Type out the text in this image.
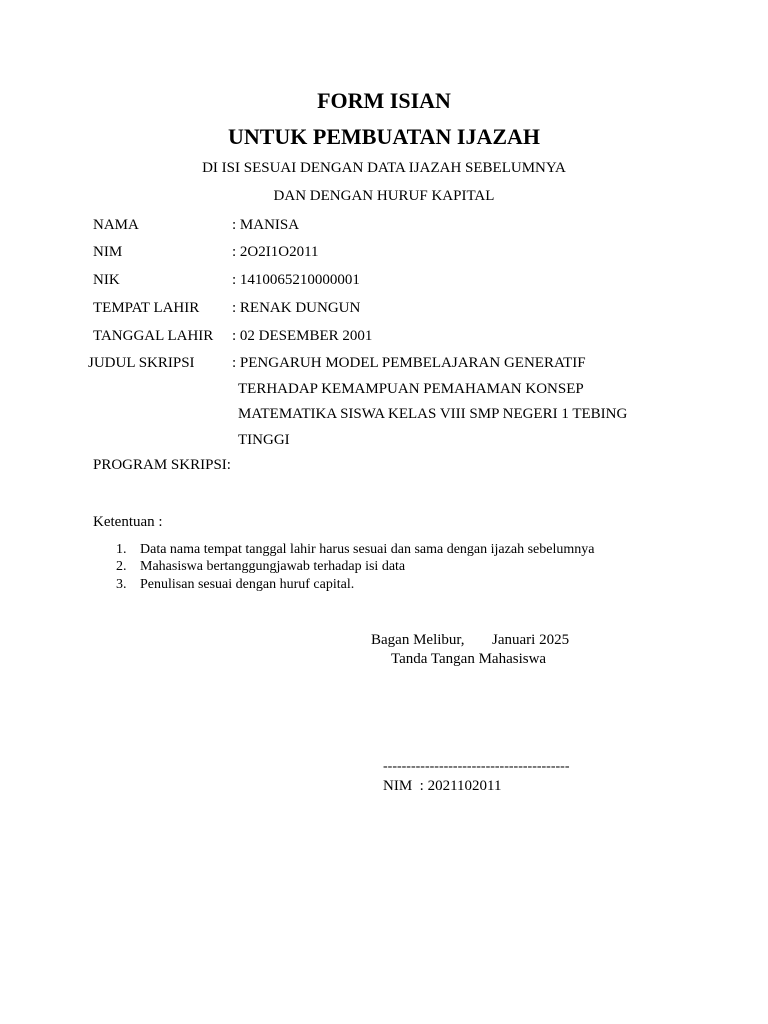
FORM ISIAN
UNTUK PEMBUATAN IJAZAH
DI ISI SESUAI DENGAN DATA IJAZAH SEBELUMNYA
DAN DENGAN HURUF KAPITAL
NAMA	: MANISA
NIM	: 2O2I1O2011
NIK	: 1410065210000001
TEMPAT LAHIR : RENAK DUNGUN
TANGGAL LAHIR : 02 DESEMBER 2001
JUDUL SKRIPSI : PENGARUH MODEL PEMBELAJARAN GENERATIF
TERHADAP KEMAMPUAN PEMAHAMAN KONSEP
MATEMATIKA SISWA KELAS VIII SMP NEGERI 1 TEBING
TINGGI
PROGRAM SKRIPSI:
Ketentuan :
1. Data nama tempat tanggal lahir harus sesuai dan sama dengan ijazah sebelumnya
2. Mahasiswa bertanggungjawab terhadap isi data
3. Penulisan sesuai dengan huruf capital.
Bagan Melibur, Januari 2025
Tanda Tangan Mahasiswa
----------------------------------------
NIM : 2021102011
